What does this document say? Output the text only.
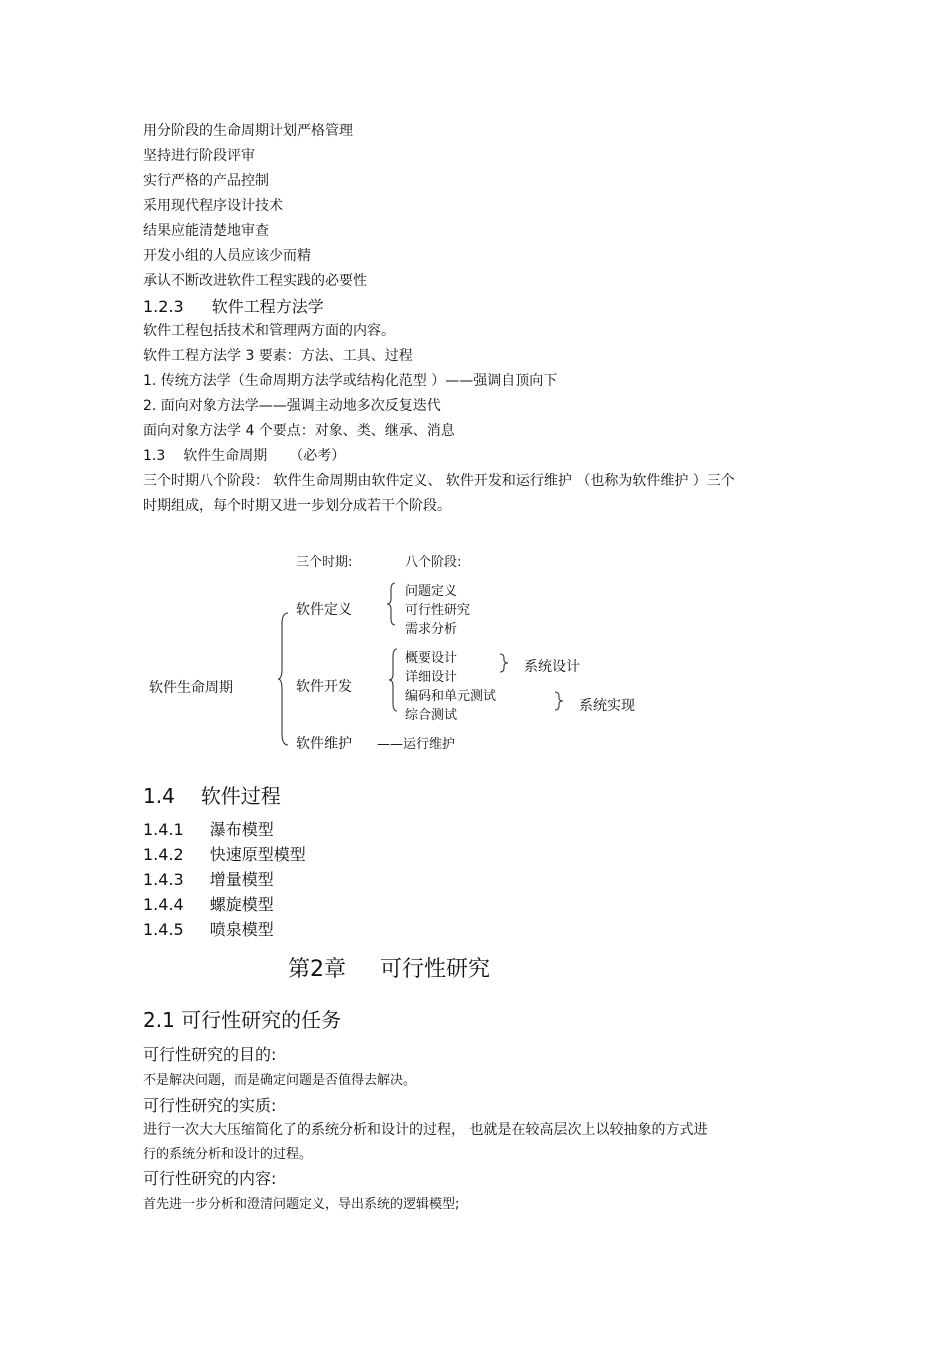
用分阶段的生命周期计划严格管理
坚持进行阶段评审
实行严格的产品控制
采用现代程序设计技术
结果应能清楚地审查
开发小组的人员应该少而精
承认不断改进软件工程实践的必要性
1.2.3 软件工程方法学
软件工程包括技术和管理两方面的内容。
软件工程方法学 3 要素：方法、工具、过程
1. 传统方法学（生命周期方法学或结构化范型 ）——强调自顶向下
2. 面向对象方法学——强调主动地多次反复迭代
面向对象方法学 4 个要点：对象、类、继承、消息
1.3 软件生命周期 （必考）
三个时期八个阶段： 软件生命周期由软件定义、 软件开发和运行维护 （也称为软件维护 ）三个
时期组成，每个时期又进一步划分成若干个阶段。
三个时期:	八个阶段:
软件生命周期
软件定义
软件开发
软件维护
问题定义
可行性研究
需求分析
概要设计
详细设计
编码和单元测试
综合测试
系统设计
系统实现
——运行维护
1.4 软件过程
1.4.1 瀑布模型
1.4.2 快速原型模型
1.4.3 增量模型
1.4.4 螺旋模型
1.4.5 喷泉模型
第2章 可行性研究
2.1 可行性研究的任务
可行性研究的目的:
不是解决问题，而是确定问题是否值得去解决。
可行性研究的实质:
进行一次大大压缩简化了的系统分析和设计的过程， 也就是在较高层次上以较抽象的方式进
行的系统分析和设计的过程。
可行性研究的内容:
首先进一步分析和澄清问题定义，导出系统的逻辑模型;
